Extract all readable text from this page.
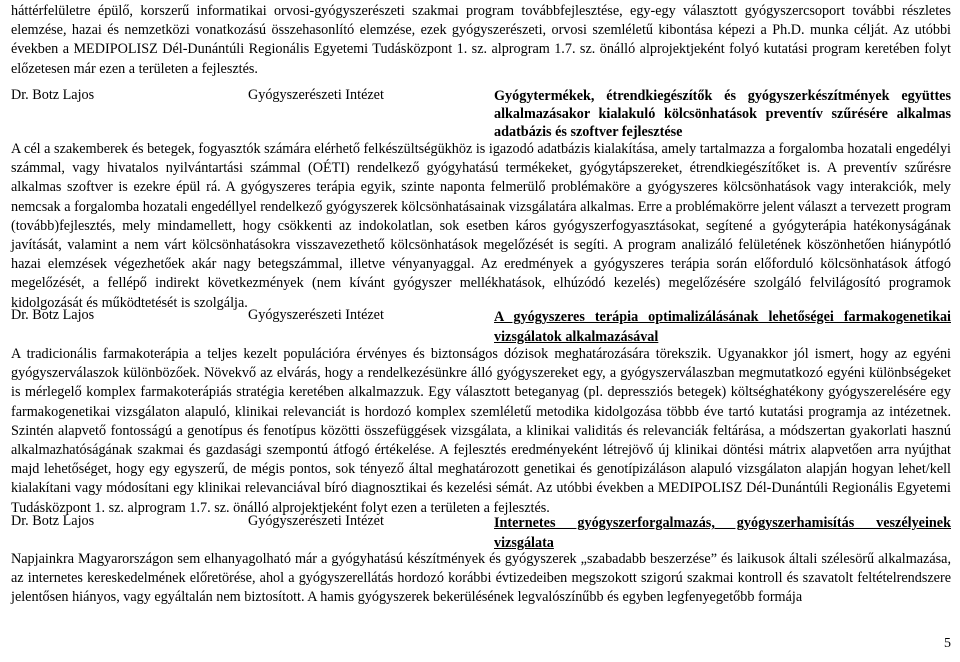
háttérfelületre épülő, korszerű informatikai orvosi-gyógyszerészeti szakmai program továbbfejlesztése, egy-egy választott gyógyszercsoport további részletes elemzése, hazai és nemzetközi vonatkozású összehasonlító elemzése, ezek gyógyszerészeti, orvosi szemléletű kibontása képezi a Ph.D. munka célját. Az utóbbi években a MEDIPOLISZ Dél-Dunántúli Regionális Egyetemi Tudásközpont 1. sz. alprogram 1.7. sz. önálló alprojektjeként folyó kutatási program keretében folyt előzetesen már ezen a területen a fejlesztés.

Dr. Botz Lajos	Gyógyszerészeti Intézet	Gyógytermékek, étrendkiegészítők és gyógyszerkészítmények együttes alkalmazásakor kialakuló kölcsönhatások preventív szűrésére alkalmas adatbázis és szoftver fejlesztése

A cél a szakemberek és betegek, fogyasztók számára elérhető felkészültségükhöz is igazodó adatbázis kialakítása, amely tartalmazza a forgalomba hozatali engedélyi számmal, vagy hivatalos nyilvántartási számmal (OÉTI) rendelkező gyógyhatású termékeket, gyógytápszereket, étrendkiegészítőket is. A preventív szűrésre alkalmas szoftver is ezekre épül rá. A gyógyszeres terápia egyik, szinte naponta felmerülő problémaköre a gyógyszeres kölcsönhatások vagy interakciók, mely nemcsak a forgalomba hozatali engedéllyel rendelkező gyógyszerek kölcsönhatásainak vizsgálatára alkalmas. Erre a problémakörre jelent választ a tervezett program (tovább)fejlesztés, mely mindamellett, hogy csökkenti az indokolatlan, sok esetben káros gyógyszerfogyasztásokat, segítené a gyógyterápia hatékonyságának javítását, valamint a nem várt kölcsönhatásokra visszavezethető kölcsönhatások megelőzését is segíti. A program analizáló felületének köszönhetően hiánypótló hazai elemzések végezhetőek akár nagy betegszámmal, illetve vényanyaggal. Az eredmények a gyógyszeres terápia során előforduló kölcsönhatások átfogó megelőzését, a fellépő indirekt következmények (nem kívánt gyógyszer mellékhatások, elhúzódó kezelés) megelőzésére szolgáló felvilágosító programok kidolgozását és működtetését is szolgálja.

Dr. Botz Lajos	Gyógyszerészeti Intézet	A gyógyszeres terápia optimalizálásának lehetőségei farmakogenetikai vizsgálatok alkalmazásával

A tradicionális farmakoterápia a teljes kezelt populációra érvényes és biztonságos dózisok meghatározására törekszik. Ugyanakkor jól ismert, hogy az egyéni gyógyszerválaszok különbözőek. Növekvő az elvárás, hogy a rendelkezésünkre álló gyógyszereket egy, a gyógyszerválaszban megmutatkozó egyéni különbségeket is mérlegelő komplex farmakoterápiás stratégia keretében alkalmazzuk. Egy választott beteganyag (pl. depressziós betegek) költséghatékony gyógyszerelésére egy farmakogenetikai vizsgálaton alapuló, klinikai relevanciát is hordozó komplex szemléletű metodika kidolgozása többb éve tartó kutatási programja az intézetnek. Szintén alapvető fontosságú a genotípus és fenotípus közötti összefüggések vizsgálata, a klinikai validitás és relevanciák feltárása, a módszertan gyakorlati hasznú alkalmazhatóságának szakmai és gazdasági szempontú átfogó értékelése. A fejlesztés eredményeként létrejövő új klinikai döntési mátrix alapvetően arra nyújthat majd lehetőséget, hogy egy egyszerű, de mégis pontos, sok tényező által meghatározott genetikai és genotípizáláson alapuló vizsgálaton alapján hogyan lehet/kell kialakítani vagy módosítani egy klinikai relevanciával bíró diagnosztikai és kezelési sémát. Az utóbbi években a MEDIPOLISZ Dél-Dunántúli Regionális Egyetemi Tudásközpont 1. sz. alprogram 1.7. sz. önálló alprojektjeként folyt ezen a területen a fejlesztés.

Dr. Botz Lajos	Gyógyszerészeti Intézet	Internetes gyógyszerforgalmazás, gyógyszerhamisítás veszélyeinek vizsgálata

Napjainkra Magyarországon sem elhanyagolható már a gyógyhatású készítmények és gyógyszerek „szabadabb beszerzése” és laikusok általi szélesörű alkalmazása, az internetes kereskedelmének előretörése, ahol a gyógyszerellátás hordozó korábbi évtizedeiben megszokott szigorú szakmai kontroll és szavatolt feltételrendszere jelentősen hiányos, vagy egyáltalán nem biztosított. A hamis gyógyszerek bekerülésének legvalószínűbb és egyben legfenyegetőbb formája

5
